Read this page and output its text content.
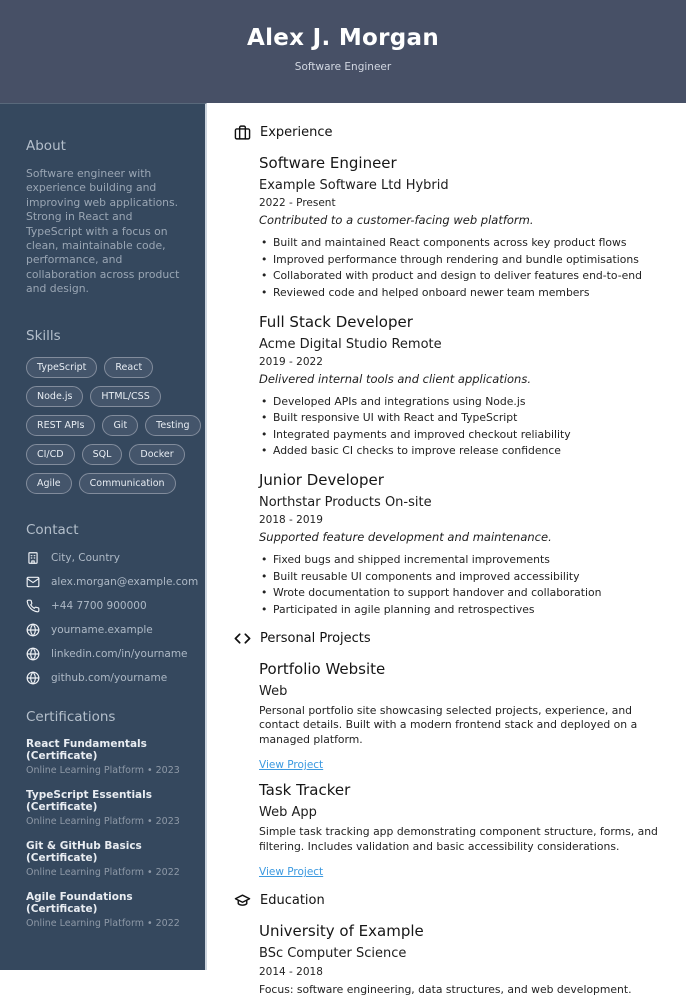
Alex J. Morgan
Software Engineer
About

Software engineer with experience building and improving web applications. Strong in React and TypeScript with a focus on clean, maintainable code, performance, and collaboration across product and design.

Skills
TypeScript	React
Node.js	HTML/CSS
REST APIs	Git	Testing
CI/CD	SQL	Docker
Agile	Communication
Contact
City, Country
alex.morgan@example.com
+44 7700 900000
yourname.example
linkedin.com/in/yourname
github.com/yourname
Certifications
React Fundamentals (Certificate)
Online Learning Platform • 2023
TypeScript Essentials (Certificate)
Online Learning Platform • 2023
Git & GitHub Basics (Certificate)
Online Learning Platform • 2022
Agile Foundations (Certificate)
Online Learning Platform • 2022
Experience
Software Engineer
Example Software Ltd Hybrid
2022 - Present
Contributed to a customer-facing web platform.
• Built and maintained React components across key product flows
• Improved performance through rendering and bundle optimisations
• Collaborated with product and design to deliver features end-to-end
• Reviewed code and helped onboard newer team members
Full Stack Developer
Acme Digital Studio Remote
2019 - 2022
Delivered internal tools and client applications.
• Developed APIs and integrations using Node.js
• Built responsive UI with React and TypeScript
• Integrated payments and improved checkout reliability
• Added basic CI checks to improve release confidence
Junior Developer
Northstar Products On-site
2018 - 2019
Supported feature development and maintenance.
• Fixed bugs and shipped incremental improvements
• Built reusable UI components and improved accessibility
• Wrote documentation to support handover and collaboration
• Participated in agile planning and retrospectives
Personal Projects
Portfolio Website
Web
Personal portfolio site showcasing selected projects, experience, and contact details. Built with a modern frontend stack and deployed on a managed platform.
View Project
Task Tracker
Web App
Simple task tracking app demonstrating component structure, forms, and filtering. Includes validation and basic accessibility considerations.
View Project
Education
University of Example
BSc Computer Science
2014 - 2018
Focus: software engineering, data structures, and web development.
